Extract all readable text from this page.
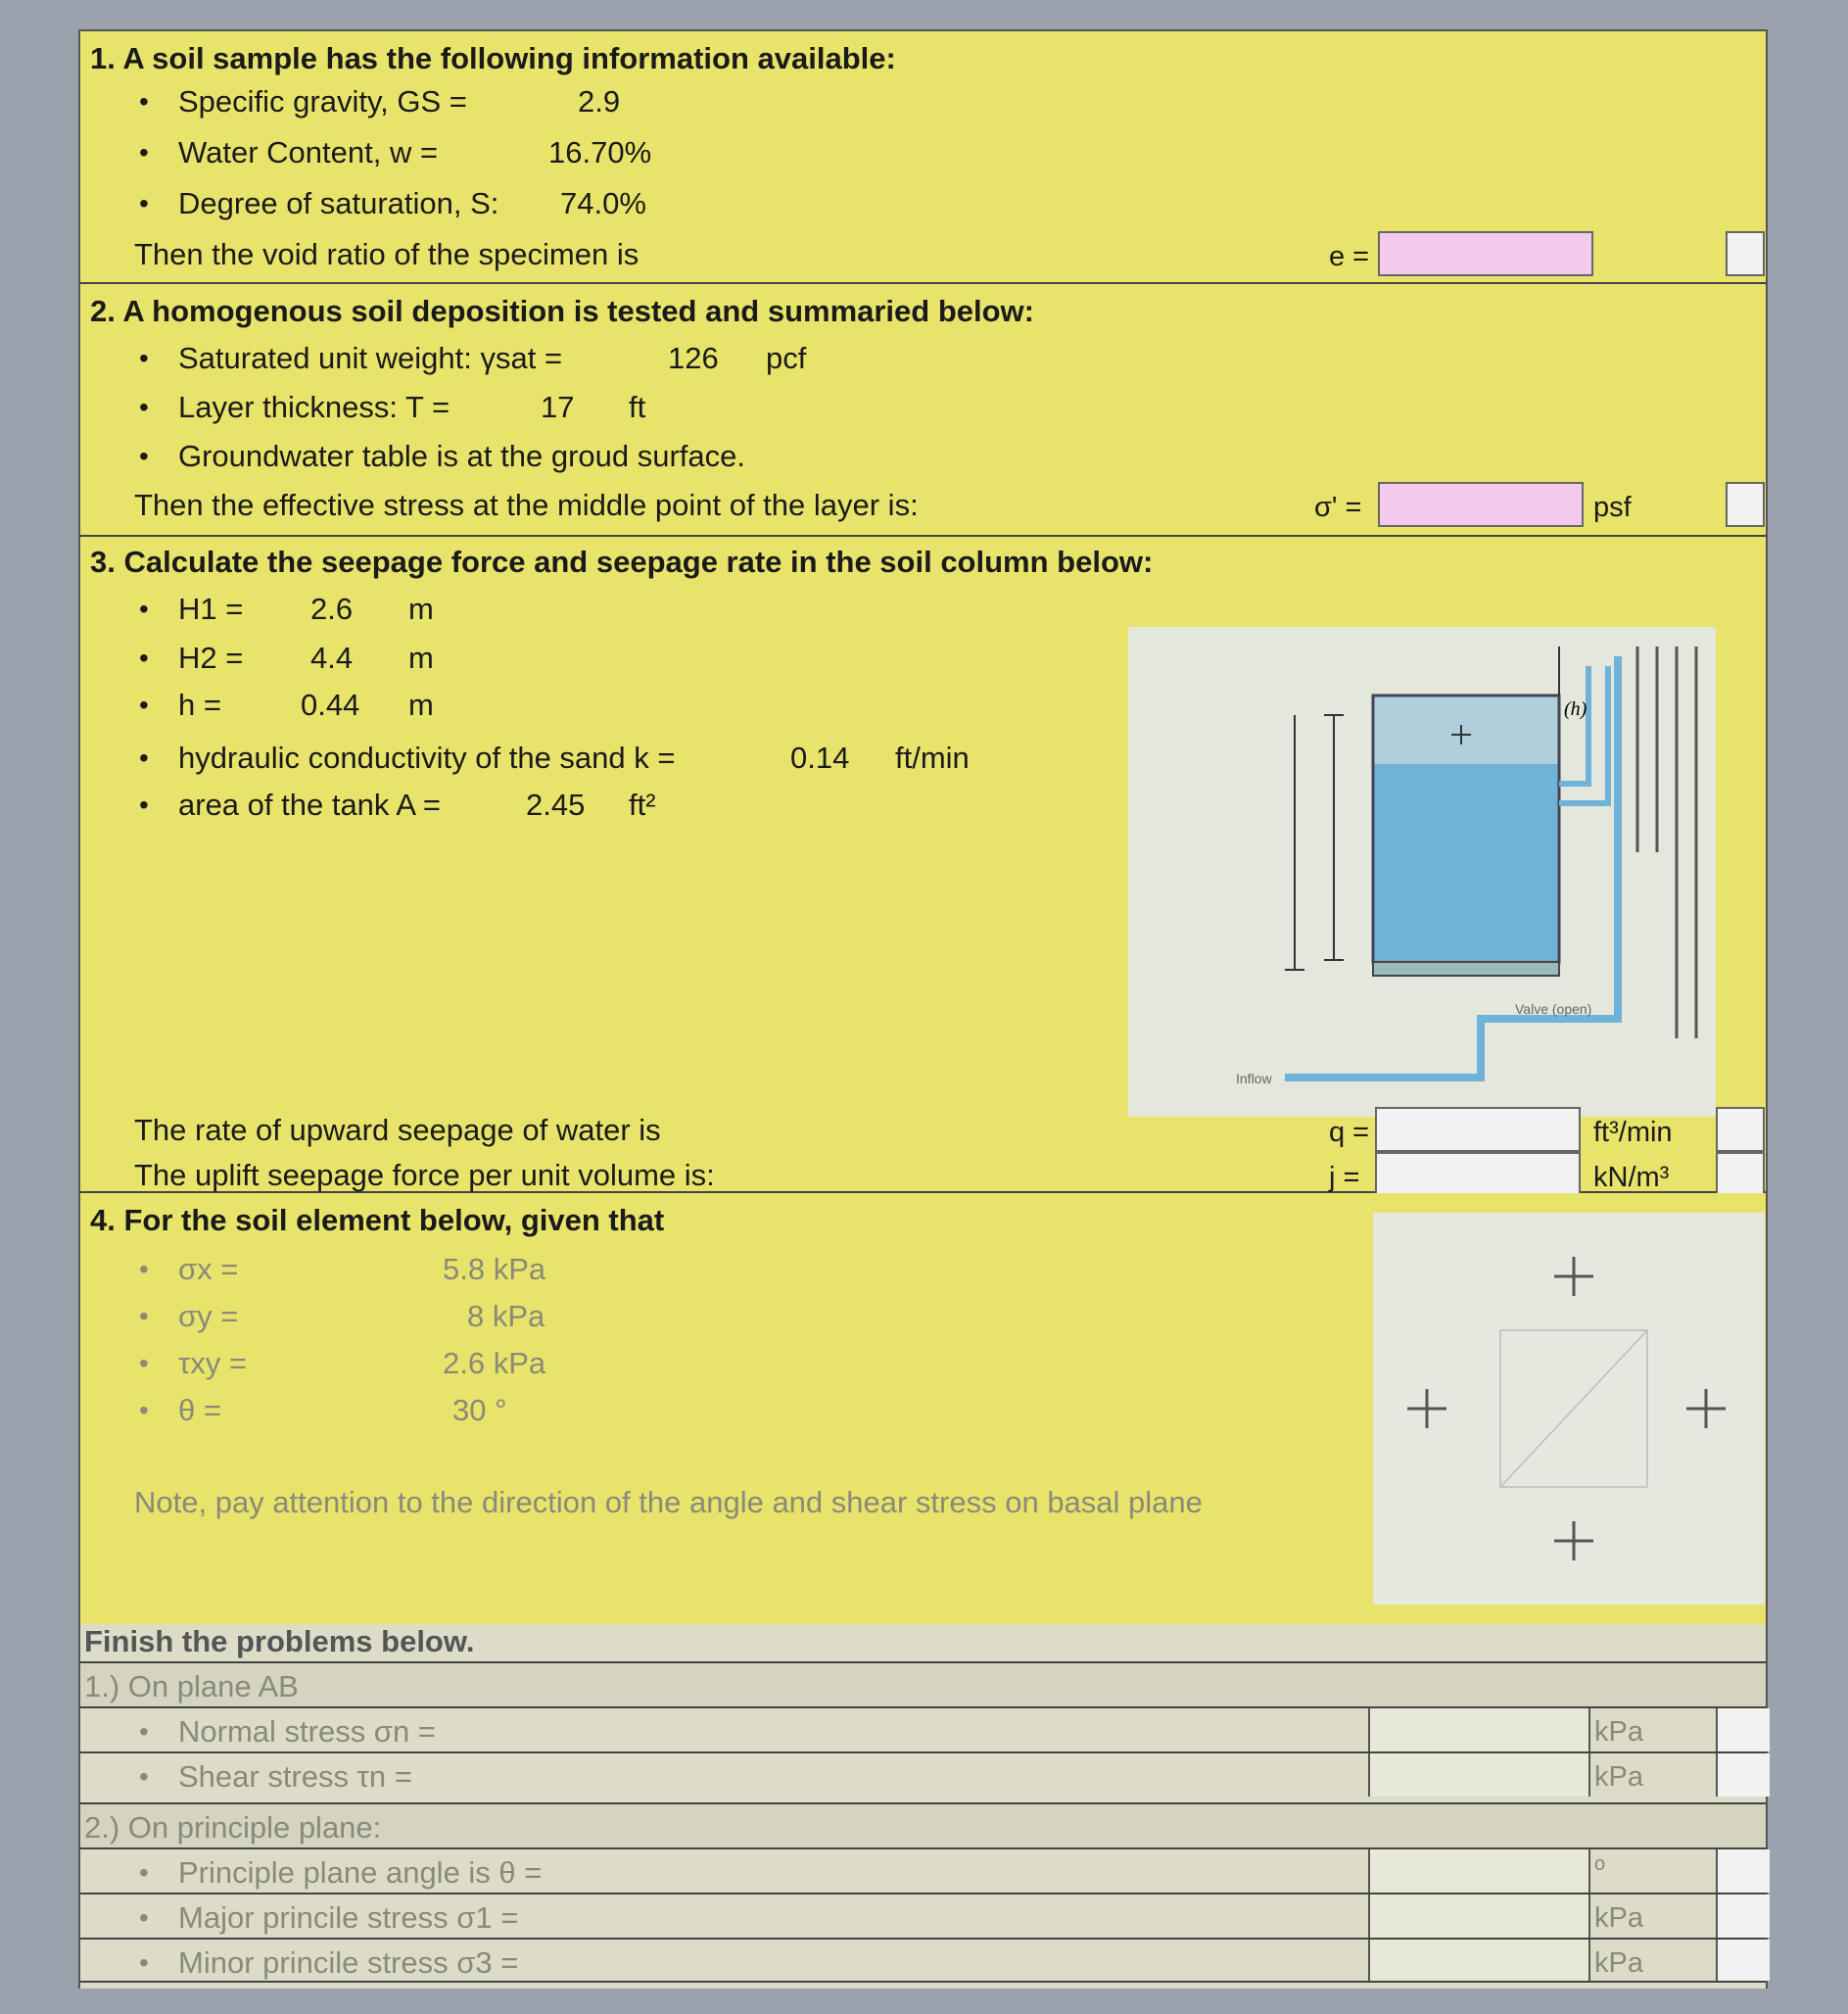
1. A soil sample has the following information available:
• Specific gravity, GS =	2.9
• Water Content, w =	16.70%
• Degree of saturation, S: 74.0%
Then the void ratio of the specimen is	e =
2. A homogenous soil deposition is tested and summaried below:
• Saturated unit weight: γsat =	126 pcf
• Layer thickness: T =	17 ft
• Groundwater table is at the groud surface.
Then the effective stress at the middle point of the layer is:	σ' =	psf
3. Calculate the seepage force and seepage rate in the soil column below:
• H1 = 2.6 m
• H2 = 4.4 m
• h =	0.44 m
• hydraulic conductivity of the sand k =	0.14 ft/min
• area of the tank A =	2.45 ft²
(h)
Valve (open)
Inflow
The rate of upward seepage of water is	q =	ft³/min
The uplift seepage force per unit volume is:	j =	kN/m³
4. For the soil element below, given that
• σx =	5.8 kPa
• σy =	8 kPa
• τxy =	2.6 kPa
• θ =	30 °
Note, pay attention to the direction of the angle and shear stress on basal plane
Finish the problems below.
1.) On plane AB
• Normal stress σn =	kPa
• Shear stress τn =	kPa
2.) On principle plane:
• Principle plane angle is θ =	o
• Major princile stress σ1 =	kPa
• Minor princile stress σ3 =	kPa
